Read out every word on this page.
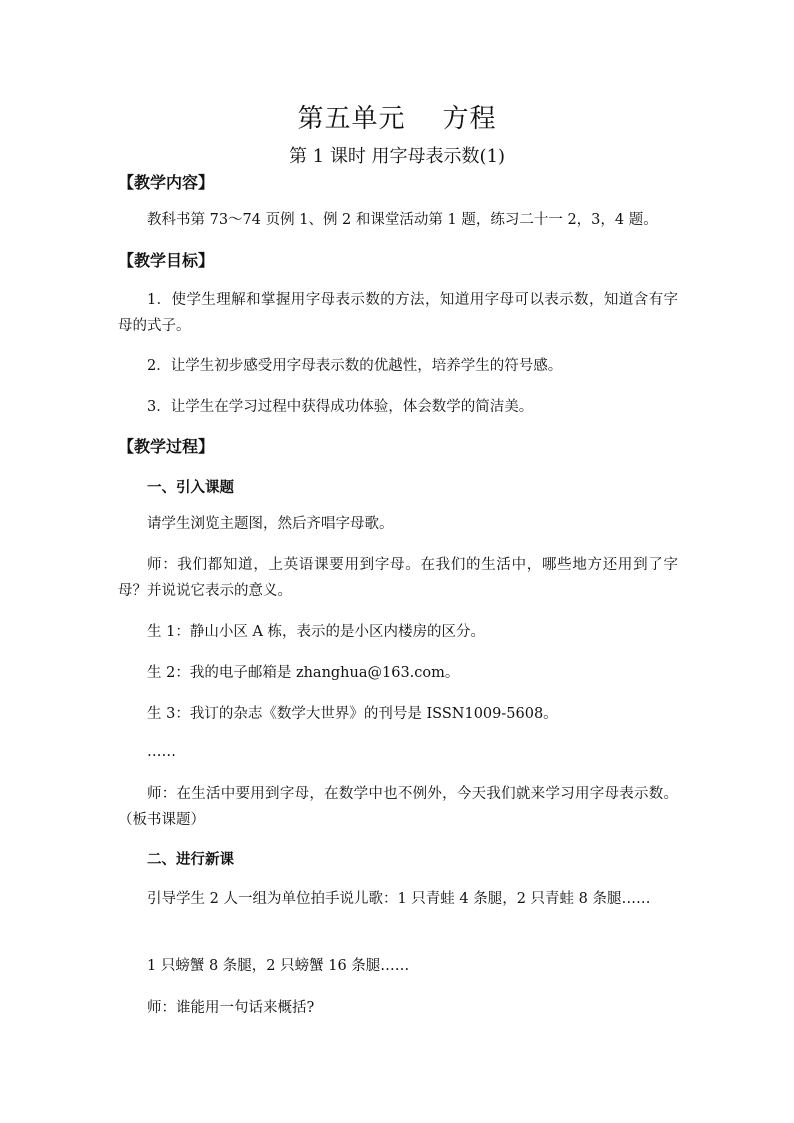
第五单元    方程
第 1 课时 用字母表示数(1)
【教学内容】
教科书第 73～74 页例 1、例 2 和课堂活动第 1 题，练习二十一 2，3，4 题。
【教学目标】
1．使学生理解和掌握用字母表示数的方法，知道用字母可以表示数，知道含有字母的式子。
2．让学生初步感受用字母表示数的优越性，培养学生的符号感。
3．让学生在学习过程中获得成功体验，体会数学的简洁美。
【教学过程】
一、引入课题
请学生浏览主题图，然后齐唱字母歌。
师：我们都知道，上英语课要用到字母。在我们的生活中，哪些地方还用到了字母？并说说它表示的意义。
生 1：静山小区 A 栋，表示的是小区内楼房的区分。
生 2：我的电子邮箱是 zhanghua@163.com。
生 3：我订的杂志《数学大世界》的刊号是 ISSN1009-5608。
……
师：在生活中要用到字母，在数学中也不例外，今天我们就来学习用字母表示数。（板书课题）
二、进行新课
引导学生 2 人一组为单位拍手说儿歌：1 只青蛙 4 条腿，2 只青蛙 8 条腿……
1 只螃蟹 8 条腿，2 只螃蟹 16 条腿……
师：谁能用一句话来概括?
